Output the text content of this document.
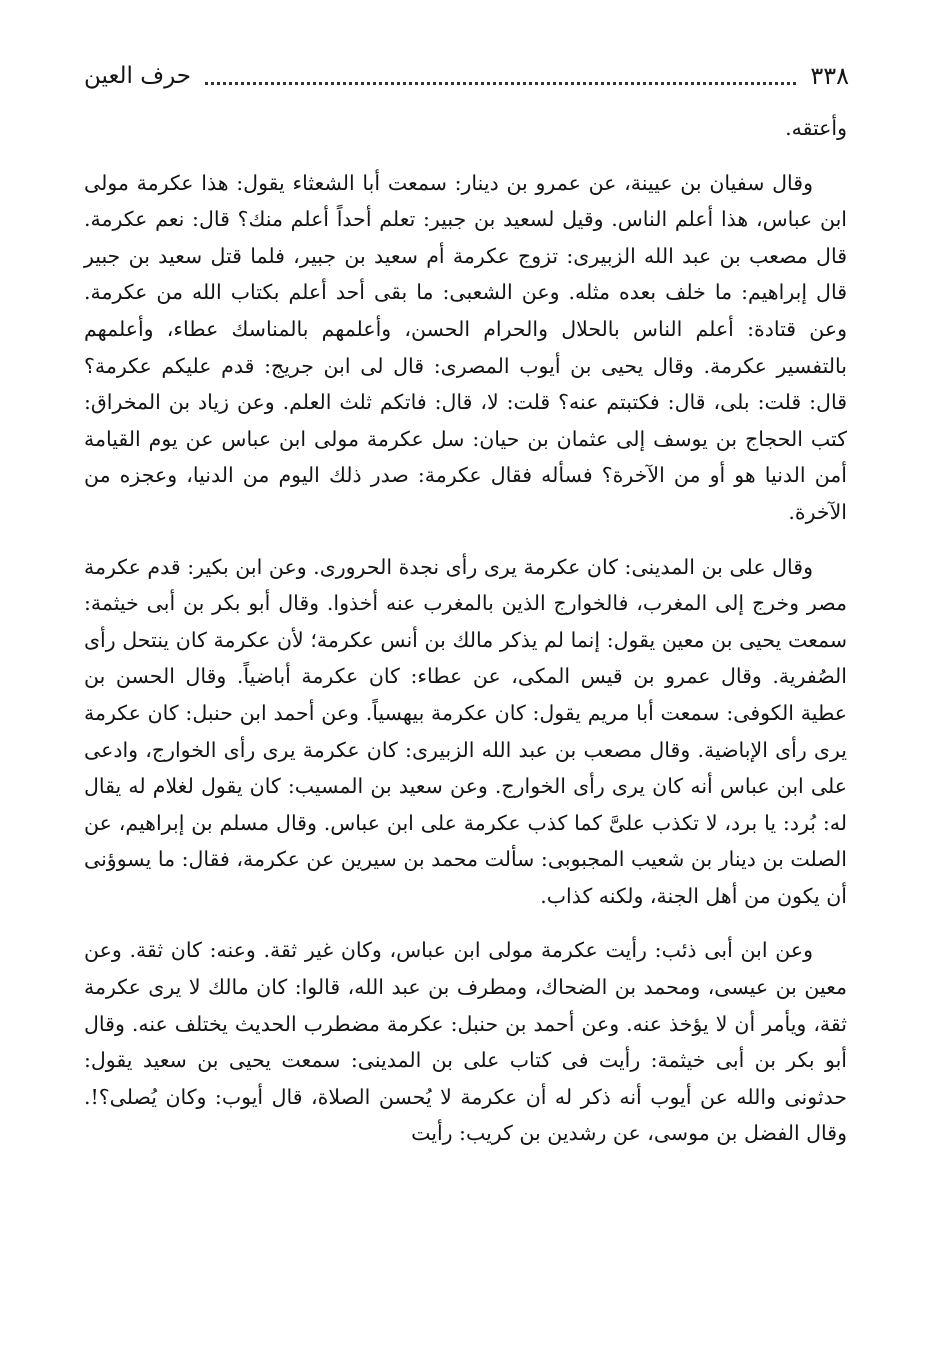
٣٣٨
حرف العين

وأعتقه.

وقال سفيان بن عيينة، عن عمرو بن دينار: سمعت أبا الشعثاء يقول: هذا عكرمة مولى ابن عباس، هذا أعلم الناس. وقيل لسعيد بن جبير: تعلم أحداً أعلم منك؟ قال: نعم عكرمة. قال مصعب بن عبد الله الزبيرى: تزوج عكرمة أم سعيد بن جبير، فلما قتل سعيد بن جبير قال إبراهيم: ما خلف بعده مثله. وعن الشعبى: ما بقى أحد أعلم بكتاب الله من عكرمة. وعن قتادة: أعلم الناس بالحلال والحرام الحسن، وأعلمهم بالمناسك عطاء، وأعلمهم بالتفسير عكرمة. وقال يحيى بن أيوب المصرى: قال لى ابن جريج: قدم عليكم عكرمة؟ قال: قلت: بلى، قال: فكتبتم عنه؟ قلت: لا، قال: فاتكم ثلث العلم. وعن زياد بن المخراق: كتب الحجاج بن يوسف إلى عثمان بن حيان: سل عكرمة مولى ابن عباس عن يوم القيامة أمن الدنيا هو أو من الآخرة؟ فسأله فقال عكرمة: صدر ذلك اليوم من الدنيا، وعجزه من الآخرة.

وقال على بن المدينى: كان عكرمة يرى رأى نجدة الحرورى. وعن ابن بكير: قدم عكرمة مصر وخرج إلى المغرب، فالخوارج الذين بالمغرب عنه أخذوا. وقال أبو بكر بن أبى خيثمة: سمعت يحيى بن معين يقول: إنما لم يذكر مالك بن أنس عكرمة؛ لأن عكرمة كان ينتحل رأى الصُفرية. وقال عمرو بن قيس المكى، عن عطاء: كان عكرمة أباضياً. وقال الحسن بن عطية الكوفى: سمعت أبا مريم يقول: كان عكرمة بيهسياً. وعن أحمد ابن حنبل: كان عكرمة يرى رأى الإباضية. وقال مصعب بن عبد الله الزبيرى: كان عكرمة يرى رأى الخوارج، وادعى على ابن عباس أنه كان يرى رأى الخوارج. وعن سعيد بن المسيب: كان يقول لغلام له يقال له: بُرد: يا برد، لا تكذب علىَّ كما كذب عكرمة على ابن عباس. وقال مسلم بن إبراهيم، عن الصلت بن دينار بن شعيب المجبوبى: سألت محمد بن سيرين عن عكرمة، فقال: ما يسوؤنى أن يكون من أهل الجنة، ولكنه كذاب.

وعن ابن أبى ذئب: رأيت عكرمة مولى ابن عباس، وكان غير ثقة. وعنه: كان ثقة. وعن معين بن عيسى، ومحمد بن الضحاك، ومطرف بن عبد الله، قالوا: كان مالك لا يرى عكرمة ثقة، ويأمر أن لا يؤخذ عنه. وعن أحمد بن حنبل: عكرمة مضطرب الحديث يختلف عنه. وقال أبو بكر بن أبى خيثمة: رأيت فى كتاب على بن المدينى: سمعت يحيى بن سعيد يقول: حدثونى والله عن أيوب أنه ذكر له أن عكرمة لا يُحسن الصلاة، قال أيوب: وكان يُصلى؟!. وقال الفضل بن موسى، عن رشدين بن كريب: رأيت
